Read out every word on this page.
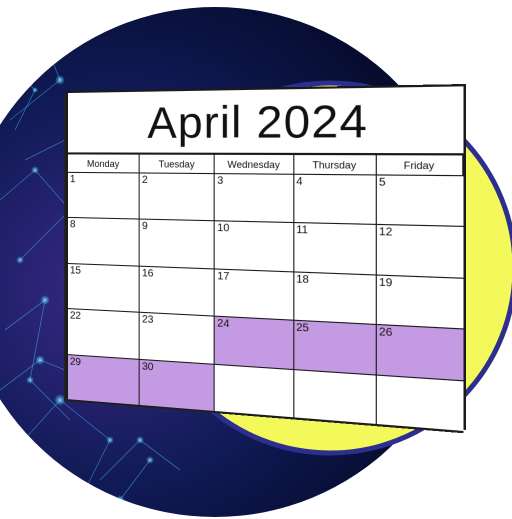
April 2024
Monday	Tuesday	Wednesday	Thursday	Friday
1	2	3	4	5
8	9	10	11	12
15	16	17	18	19
22	23	24	25	26
29	30
